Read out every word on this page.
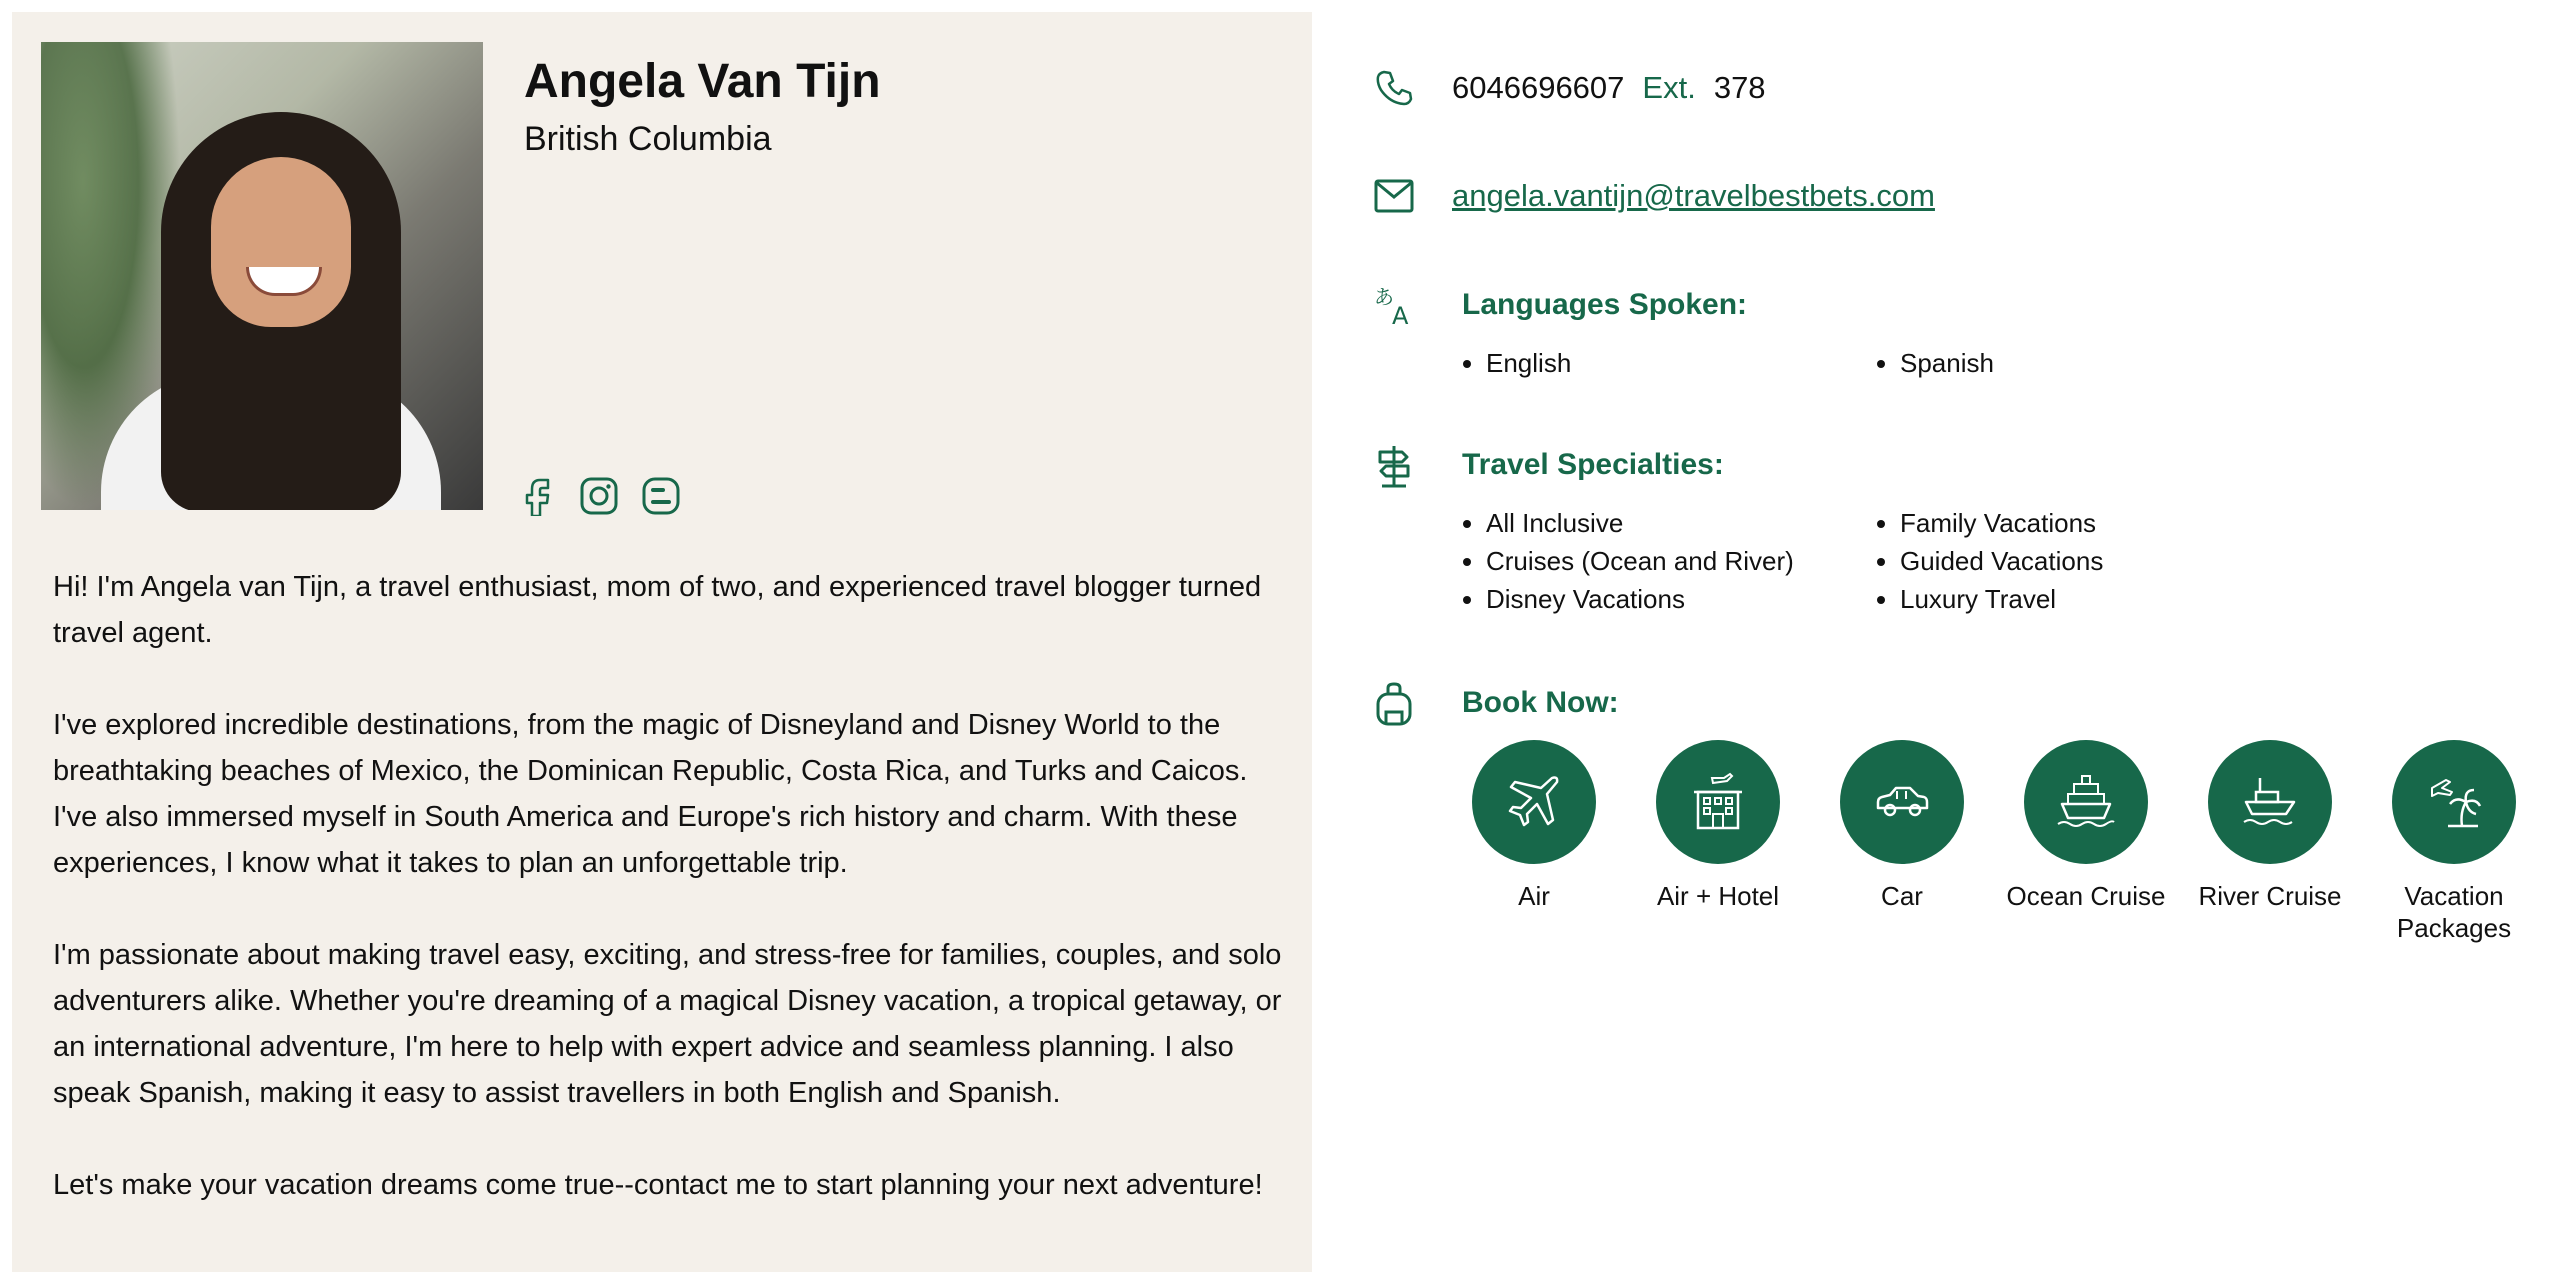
Angela Van Tijn
British Columbia

Hi! I'm Angela van Tijn, a travel enthusiast, mom of two, and experienced travel blogger turned travel agent.

I've explored incredible destinations, from the magic of Disneyland and Disney World to the breathtaking beaches of Mexico, the Dominican Republic, Costa Rica, and Turks and Caicos. I've also immersed myself in South America and Europe's rich history and charm. With these experiences, I know what it takes to plan an unforgettable trip.

I'm passionate about making travel easy, exciting, and stress-free for families, couples, and solo adventurers alike. Whether you're dreaming of a magical Disney vacation, a tropical getaway, or an international adventure, I'm here to help with expert advice and seamless planning. I also speak Spanish, making it easy to assist travellers in both English and Spanish.

Let's make your vacation dreams come true--contact me to start planning your next adventure!

6046696607 Ext. 378
angela.vantijn@travelbestbets.com
あ
A Languages Spoken:
• English
•	Spanish
Travel Specialties:
• All Inclusive
• Cruises (Ocean and River)
• Disney Vacations
• Family Vacations
• Guided Vacations
• Luxury Travel
Book Now:
Air	Air + Hotel	Car	Ocean Cruise	River Cruise	Vacation Packages
